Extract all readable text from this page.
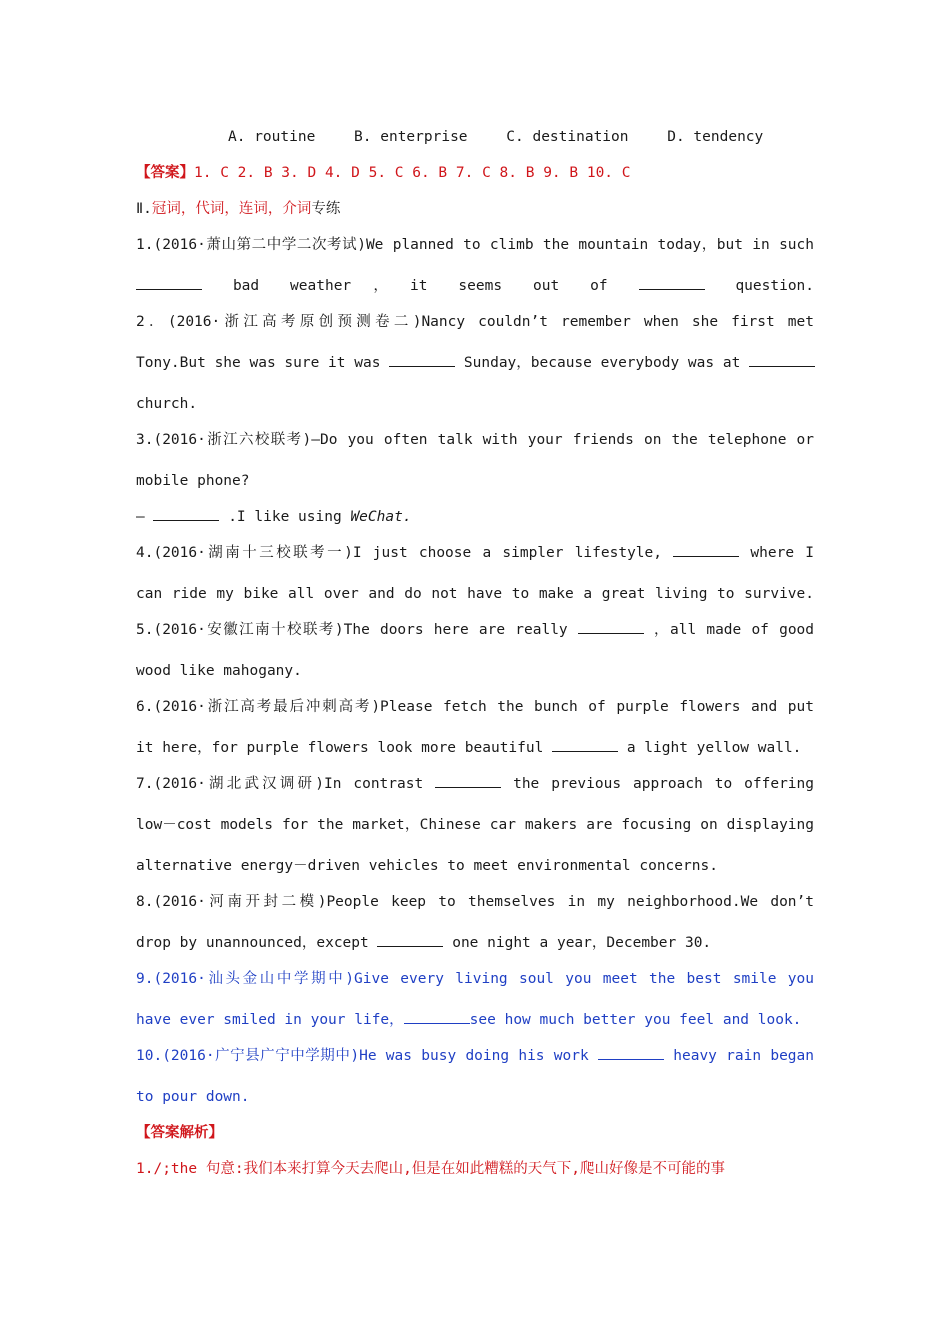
A. routine	B. enterprise	C. destination	D. tendency
【答案】1. C 2. B 3. D 4. D 5. C 6. B 7. C 8. B 9. B 10. C
Ⅱ.冠词，代词，连词，介词专练
1.(2016·萧山第二中学二次考试)We planned to climb the mountain today，but in such
bad weather，it seems out of	question.
2．(2016·浙江高考原创预测卷二)Nancy couldn’t remember when she first met
Tony.But she was sure it was	Sunday，because everybody was at
church.
3.(2016·浙江六校联考)—Do you often talk with your friends on the telephone or
mobile phone?
—	.I like using WeChat.
4.(2016·湖南十三校联考一)I just choose a simpler lifestyle,	where I
can ride my bike all over and do not have to make a great living to survive.
5.(2016·安徽江南十校联考)The doors here are really	，all made of good
wood like mahogany.
6.(2016·浙江高考最后冲刺高考)Please fetch the bunch of purple flowers and put
it here，for purple flowers look more beautiful	a light yellow wall.
7.(2016·湖北武汉调研)In contrast	the previous approach to offering
low－cost models for the market，Chinese car makers are focusing on displaying
alternative energy－driven vehicles to meet environmental concerns.
8.(2016·河南开封二模)People keep to themselves in my neighborhood.We don’t
drop by unannounced，except	one night a year，December 30.
9.(2016·汕头金山中学期中)Give every living soul you meet the best smile you
have ever smiled in your life，	see how much better you feel and look.
10.(2016·广宁县广宁中学期中)He was busy doing his work	heavy rain began
to pour down.
【答案解析】
1./;the 句意:我们本来打算今天去爬山,但是在如此糟糕的天气下,爬山好像是不可能的事
